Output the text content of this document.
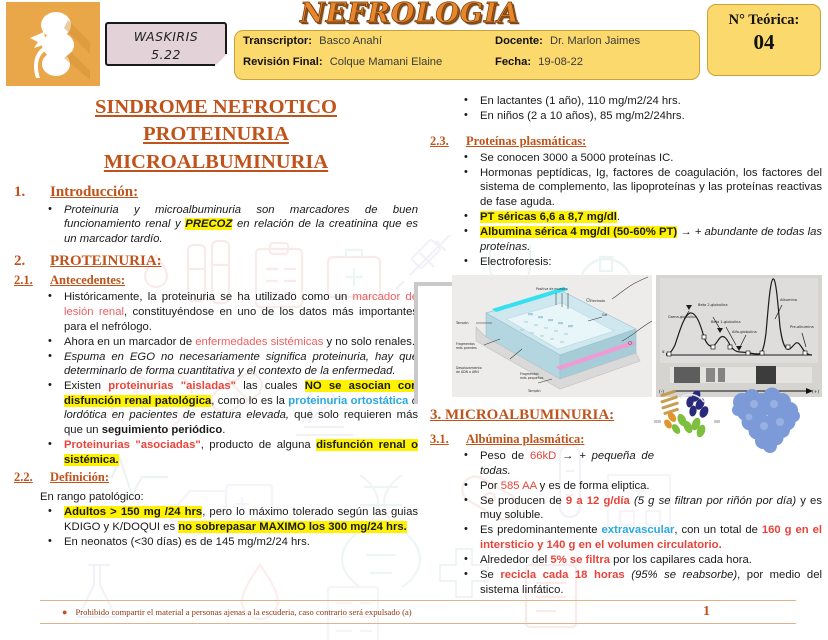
WASKIRIS
5.22
NEFROLOGIA
Transcriptor: Basco Anahí	Docente: Dr. Marlon Jaimes
Revisión Final: Colque Mamani Elaine	Fecha: 19-08-22
N° Teórica:
04
SINDROME NEFROTICO
PROTEINURIA
MICROALBUMINURIA
1.	Introducción:
• Proteinuria y microalbuminuria son marcadores de buen funcionamiento renal y PRECOZ en relación de la creatinina que es un marcador tardío.
2.	PROTEINURIA:
2.1.	Antecedentes:
• Históricamente, la proteinuria se ha utilizado como un marcador de lesión renal, constituyéndose en uno de los datos más importantes para el nefrólogo.
• Ahora en un marcador de enfermedades sistémicas y no solo renales.
• Espuma en EGO no necesariamente significa proteinuria, hay que determinarlo de forma cuantitativa y el contexto de la enfermedad.
• Existen proteinurias "aisladas" las cuales NO se asocian con disfunción renal patológica, como lo es la proteinuria ortostática o lordótica en pacientes de estatura elevada, que solo requieren más que un seguimiento periódico.
• Proteinurias "asociadas", producto de alguna disfunción renal o sistémica.
2.2.	Definición:
En rango patológico:
• Adultos > 150 mg /24 hrs, pero lo máximo tolerado según las guias KDIGO y K/DOQUI es no sobrepasar MAXIMO los 300 mg/24 hrs.
• En neonatos (<30 días) es de 145 mg/m2/24 hrs.
• En lactantes (1 año), 110 mg/m2/24 hrs.
• En niños (2 a 10 años), 85 mg/m2/24hrs.
2.3.	Proteínas plasmáticas:
• Se conocen 3000 a 5000 proteínas IC.
• Hormonas peptídicas, Ig, factores de coagulación, los factores del sistema de complemento, las lipoproteínas y las proteínas reactivas de fase aguda.
• PT séricas 6,6 a 8,7 mg/dl.
• Albumina sérica 4 mg/dl (50-60% PT) → + abundante de todas las proteínas.
• Electroforesis:
Positiva de muestra
Electrodo
Gel
Tampón
Fragmentos
más grandes
Desplazamiento
de ADN o ARN	Fragmentos
más pequeños
Tampón
Gama-globulina
Beta 2-globulina
Beta 1-globulina
Alfa-globulina
Albumina
Pre-albumina
α
(-)	(+)
3. MICROALBUMINURIA:
3.1.	Albúmina plasmática:
• Peso de 66kD → + pequeña de todas.
• Por 585 AA y es de forma eliptica.
• Se producen de 9 a 12 g/día (5 g se filtran por riñón por día) y es muy soluble.
• Es predominantemente extravascular, con un total de 160 g en el intersticio y 140 g en el volumen circulatorio.
• Alrededor del 5% se filtra por los capilares cada hora.
• Se recicla cada 18 horas (95% se reabsorbe), por medio del sistema linfático.
● Prohibido compartir el material a personas ajenas a la escuderia, caso contrario será expulsado (a)	1
